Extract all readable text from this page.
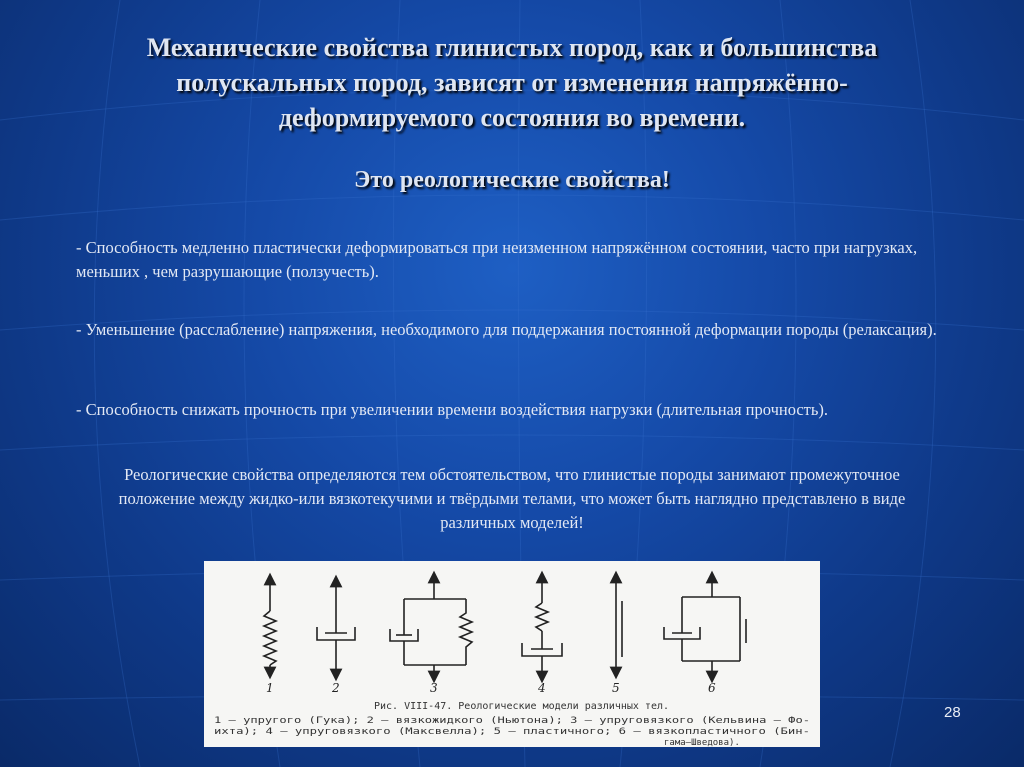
Механические свойства глинистых пород, как и большинства полускальных пород, зависят от изменения напряжённо-деформируемого состояния во времени.
Это реологические свойства!
- Способность медленно пластически деформироваться при неизменном напряжённом состоянии, часто при нагрузках, меньших , чем разрушающие (ползучесть).
- Уменьшение (расслабление) напряжения, необходимого для поддержания постоянной деформации породы (релаксация).
- Способность снижать прочность при увеличении времени воздействия нагрузки (длительная прочность).
Реологические свойства определяются тем обстоятельством, что глинистые породы занимают промежуточное положение между жидко-или вязкотекучими и твёрдыми телами, что может быть наглядно представлено в виде различных моделей!
1	2	3	4	5	6
Рис. VIII-47. Реологические модели различных тел.
1 — упругого (Гука); 2 — вязкожидкого (Ньютона); 3 — упруговязкого (Кельвина — Фо-
ихта); 4 — упруговязкого (Максвелла); 5 — пластичного; 6 — вязкопластичного (Бин-
гама—Шведова).
28
